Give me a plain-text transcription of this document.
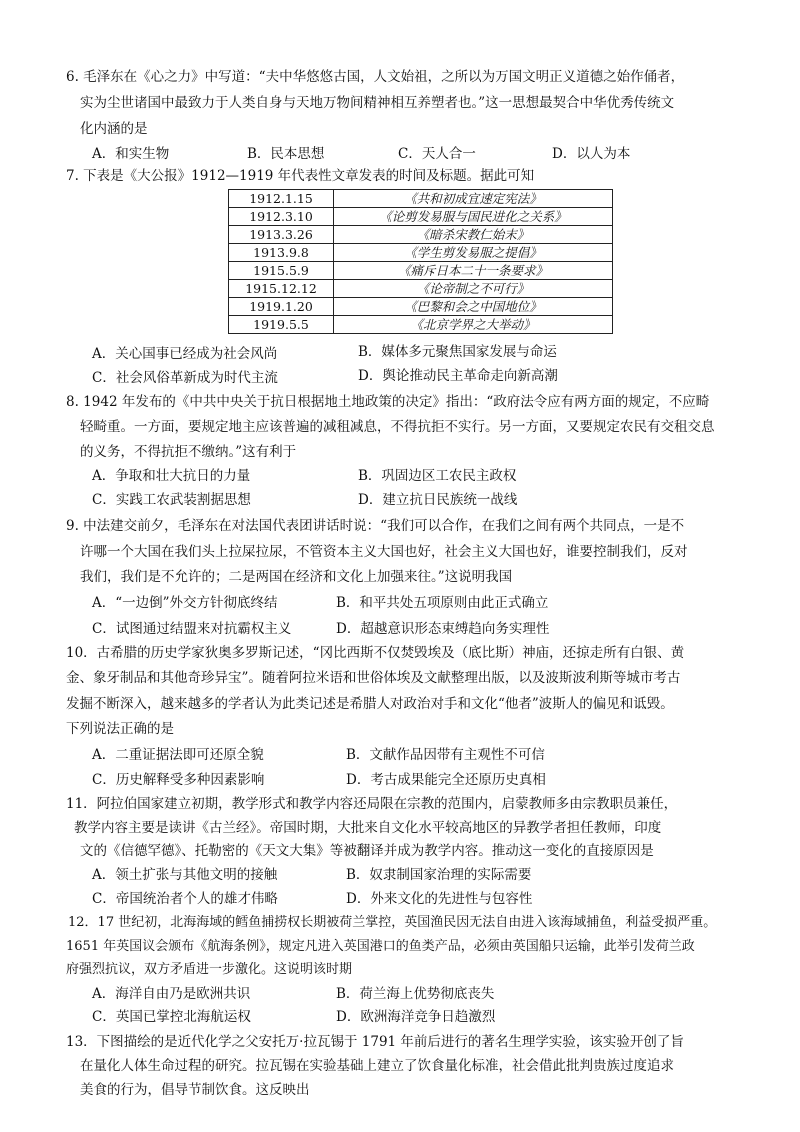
6. 毛泽东在《心之力》中写道：“夫中华悠悠古国，人文始祖，之所以为万国文明正义道德之始作俑者，
实为尘世诸国中最致力于人类自身与天地万物间精神相互养塑者也。”这一思想最契合中华优秀传统文
化内涵的是
A．和实生物	B．民本思想	C．天人合一	D．以人为本
7. 下表是《大公报》1912—1919 年代表性文章发表的时间及标题。据此可知
1912.1.15	《共和初成宜速定宪法》
1912.3.10	《论剪发易服与国民进化之关系》
1913.3.26	《暗杀宋教仁始末》
1913.9.8	《学生剪发易服之提倡》
1915.5.9	《痛斥日本二十一条要求》
1915.12.12	《论帝制之不可行》
1919.1.20	《巴黎和会之中国地位》
1919.5.5	《北京学界之大举动》
A．关心国事已经成为社会风尚	B．媒体多元聚焦国家发展与命运
C．社会风俗革新成为时代主流	D．舆论推动民主革命走向新高潮
8. 1942 年发布的《中共中央关于抗日根据地土地政策的决定》指出：“政府法令应有两方面的规定，不应畸
轻畸重。一方面，要规定地主应该普遍的减租减息，不得抗拒不实行。另一方面，又要规定农民有交租交息
的义务，不得抗拒不缴纳。”这有利于
A．争取和壮大抗日的力量	B．巩固边区工农民主政权
C．实践工农武装割据思想	D．建立抗日民族统一战线
9. 中法建交前夕，毛泽东在对法国代表团讲话时说：“我们可以合作，在我们之间有两个共同点，一是不
许哪一个大国在我们头上拉屎拉尿，不管资本主义大国也好，社会主义大国也好，谁要控制我们，反对
我们，我们是不允许的；二是两国在经济和文化上加强来往。”这说明我国
A．“一边倒”外交方针彻底终结	B．和平共处五项原则由此正式确立
C．试图通过结盟来对抗霸权主义	D．超越意识形态束缚趋向务实理性
10．古希腊的历史学家狄奥多罗斯记述，“冈比西斯不仅焚毁埃及（底比斯）神庙，还掠走所有白银、黄
金、象牙制品和其他奇珍异宝”。随着阿拉米语和世俗体埃及文献整理出版，以及波斯波利斯等城市考古
发掘不断深入，越来越多的学者认为此类记述是希腊人对政治对手和文化“他者”波斯人的偏见和诋毁。
下列说法正确的是
A．二重证据法即可还原全貌	B．文献作品因带有主观性不可信
C．历史解释受多种因素影响	D．考古成果能完全还原历史真相
11．阿拉伯国家建立初期，教学形式和教学内容还局限在宗教的范围内，启蒙教师多由宗教职员兼任，
教学内容主要是读讲《古兰经》。帝国时期，大批来自文化水平较高地区的异教学者担任教师，印度
文的《信德罕德》、托勒密的《天文大集》等被翻译并成为教学内容。推动这一变化的直接原因是
A．领土扩张与其他文明的接触	B．奴隶制国家治理的实际需要
C．帝国统治者个人的雄才伟略	D．外来文化的先进性与包容性
12．17 世纪初，北海海域的鳕鱼捕捞权长期被荷兰掌控，英国渔民因无法自由进入该海域捕鱼，利益受损严重。
1651 年英国议会颁布《航海条例》，规定凡进入英国港口的鱼类产品，必须由英国船只运输，此举引发荷兰政
府强烈抗议，双方矛盾进一步激化。这说明该时期
A．海洋自由乃是欧洲共识	B．荷兰海上优势彻底丧失
C．英国已掌控北海航运权	D．欧洲海洋竞争日趋激烈
13．下图描绘的是近代化学之父安托万·拉瓦锡于 1791 年前后进行的著名生理学实验，该实验开创了旨
在量化人体生命过程的研究。拉瓦锡在实验基础上建立了饮食量化标准，社会借此批判贵族过度追求
美食的行为，倡导节制饮食。这反映出
